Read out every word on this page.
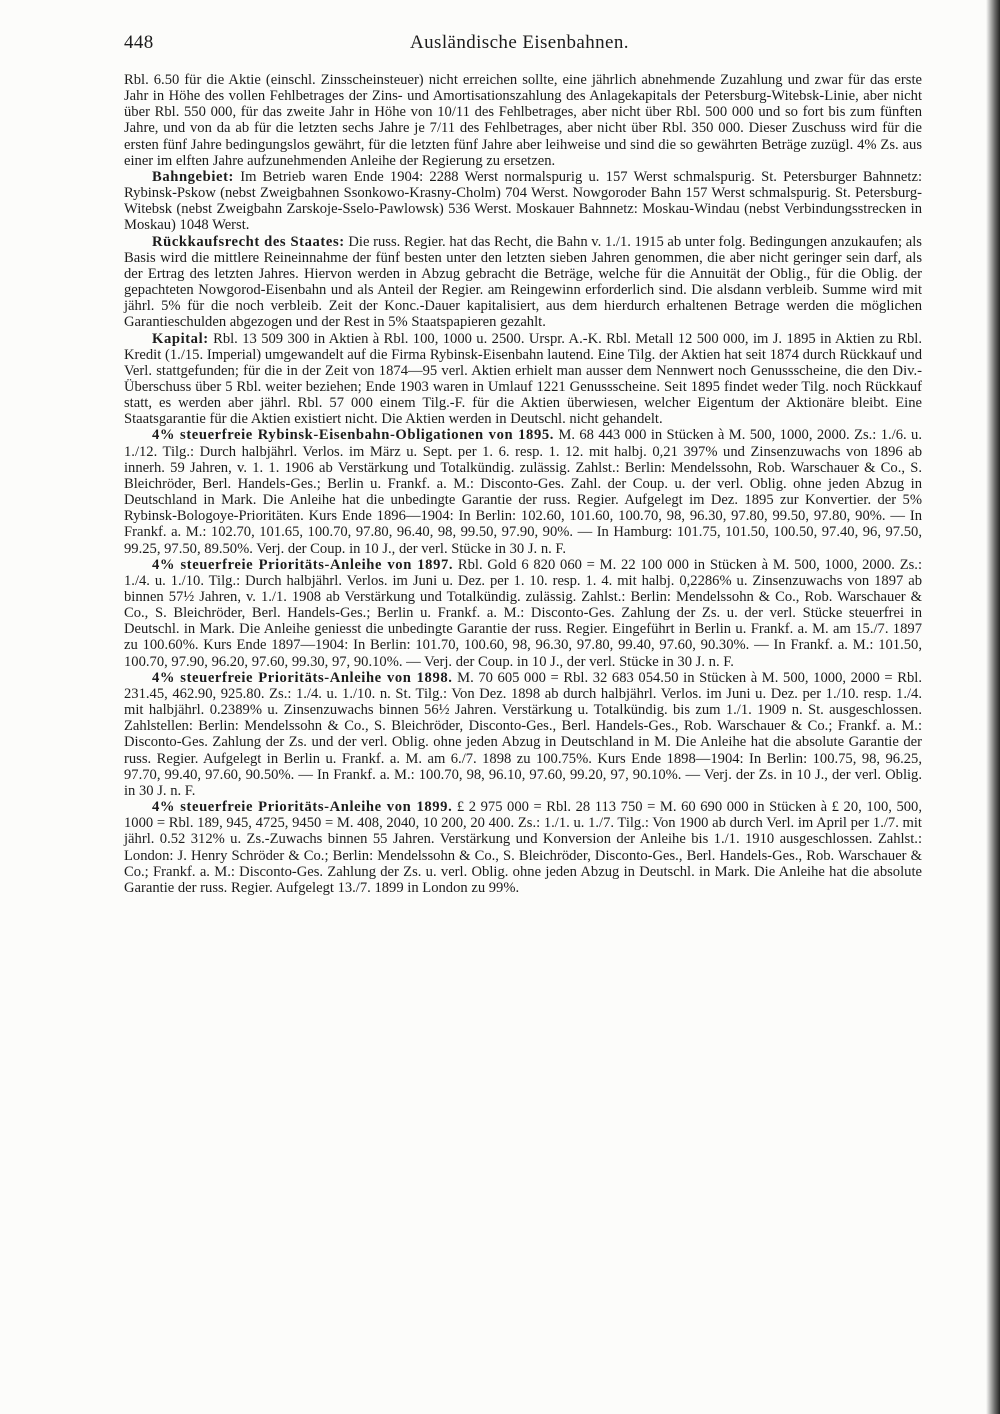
448	Ausländische Eisenbahnen.

Rbl. 6.50 für die Aktie (einschl. Zinsscheinsteuer) nicht erreichen sollte, eine jährlich abnehmende Zuzahlung und zwar für das erste Jahr in Höhe des vollen Fehlbetrages der Zins- und Amortisationszahlung des Anlagekapitals der Petersburg-Witebsk-Linie, aber nicht über Rbl. 550 000, für das zweite Jahr in Höhe von 10/11 des Fehlbetrages, aber nicht über Rbl. 500 000 und so fort bis zum fünften Jahre, und von da ab für die letzten sechs Jahre je 7/11 des Fehlbetrages, aber nicht über Rbl. 350 000. Dieser Zuschuss wird für die ersten fünf Jahre bedingungslos gewährt, für die letzten fünf Jahre aber leihweise und sind die so gewährten Beträge zuzügl. 4% Zs. aus einer im elften Jahre aufzunehmenden Anleihe der Regierung zu ersetzen.

Bahngebiet: Im Betrieb waren Ende 1904: 2288 Werst normalspurig u. 157 Werst schmalspurig. St. Petersburger Bahnnetz: Rybinsk-Pskow (nebst Zweigbahnen Ssonkowo-Krasny-Cholm) 704 Werst. Nowgoroder Bahn 157 Werst schmalspurig. St. Petersburg-Witebsk (nebst Zweigbahn Zarskoje-Sselo-Pawlowsk) 536 Werst. Moskauer Bahnnetz: Moskau-Windau (nebst Verbindungsstrecken in Moskau) 1048 Werst.

Rückkaufsrecht des Staates: Die russ. Regier. hat das Recht, die Bahn v. 1./1. 1915 ab unter folg. Bedingungen anzukaufen; als Basis wird die mittlere Reineinnahme der fünf besten unter den letzten sieben Jahren genommen, die aber nicht geringer sein darf, als der Ertrag des letzten Jahres. Hiervon werden in Abzug gebracht die Beträge, welche für die Annuität der Oblig., für die Oblig. der gepachteten Nowgorod-Eisenbahn und als Anteil der Regier. am Reingewinn erforderlich sind. Die alsdann verbleib. Summe wird mit jährl. 5% für die noch verbleib. Zeit der Konc.-Dauer kapitalisiert, aus dem hierdurch erhaltenen Betrage werden die möglichen Garantieschulden abgezogen und der Rest in 5% Staatspapieren gezahlt.

Kapital: Rbl. 13 509 300 in Aktien à Rbl. 100, 1000 u. 2500. Urspr. A.-K. Rbl. Metall 12 500 000, im J. 1895 in Aktien zu Rbl. Kredit (1./15. Imperial) umgewandelt auf die Firma Rybinsk-Eisenbahn lautend. Eine Tilg. der Aktien hat seit 1874 durch Rückkauf und Verl. stattgefunden; für die in der Zeit von 1874—95 verl. Aktien erhielt man ausser dem Nennwert noch Genussscheine, die den Div.-Überschuss über 5 Rbl. weiter beziehen; Ende 1903 waren in Umlauf 1221 Genussscheine. Seit 1895 findet weder Tilg. noch Rückkauf statt, es werden aber jährl. Rbl. 57 000 einem Tilg.-F. für die Aktien überwiesen, welcher Eigentum der Aktionäre bleibt. Eine Staatsgarantie für die Aktien existiert nicht. Die Aktien werden in Deutschl. nicht gehandelt.

4% steuerfreie Rybinsk-Eisenbahn-Obligationen von 1895. M. 68 443 000 in Stücken à M. 500, 1000, 2000. Zs.: 1./6. u. 1./12. Tilg.: Durch halbjährl. Verlos. im März u. Sept. per 1. 6. resp. 1. 12. mit halbj. 0,21 397% und Zinsenzuwachs von 1896 ab innerh. 59 Jahren, v. 1. 1. 1906 ab Verstärkung und Totalkündig. zulässig. Zahlst.: Berlin: Mendelssohn, Rob. Warschauer & Co., S. Bleichröder, Berl. Handels-Ges.; Berlin u. Frankf. a. M.: Disconto-Ges. Zahl. der Coup. u. der verl. Oblig. ohne jeden Abzug in Deutschland in Mark. Die Anleihe hat die unbedingte Garantie der russ. Regier. Aufgelegt im Dez. 1895 zur Konvertier. der 5% Rybinsk-Bologoye-Prioritäten. Kurs Ende 1896—1904: In Berlin: 102.60, 101.60, 100.70, 98, 96.30, 97.80, 99.50, 97.80, 90%. — In Frankf. a. M.: 102.70, 101.65, 100.70, 97.80, 96.40, 98, 99.50, 97.90, 90%. — In Hamburg: 101.75, 101.50, 100.50, 97.40, 96, 97.50, 99.25, 97.50, 89.50%. Verj. der Coup. in 10 J., der verl. Stücke in 30 J. n. F.

4% steuerfreie Prioritäts-Anleihe von 1897. Rbl. Gold 6 820 060 = M. 22 100 000 in Stücken à M. 500, 1000, 2000. Zs.: 1./4. u. 1./10. Tilg.: Durch halbjährl. Verlos. im Juni u. Dez. per 1. 10. resp. 1. 4. mit halbj. 0,2286% u. Zinsenzuwachs von 1897 ab binnen 57½ Jahren, v. 1./1. 1908 ab Verstärkung und Totalkündig. zulässig. Zahlst.: Berlin: Mendelssohn & Co., Rob. Warschauer & Co., S. Bleichröder, Berl. Handels-Ges.; Berlin u. Frankf. a. M.: Disconto-Ges. Zahlung der Zs. u. der verl. Stücke steuerfrei in Deutschl. in Mark. Die Anleihe geniesst die unbedingte Garantie der russ. Regier. Eingeführt in Berlin u. Frankf. a. M. am 15./7. 1897 zu 100.60%. Kurs Ende 1897—1904: In Berlin: 101.70, 100.60, 98, 96.30, 97.80, 99.40, 97.60, 90.30%. — In Frankf. a. M.: 101.50, 100.70, 97.90, 96.20, 97.60, 99.30, 97, 90.10%. — Verj. der Coup. in 10 J., der verl. Stücke in 30 J. n. F.

4% steuerfreie Prioritäts-Anleihe von 1898. M. 70 605 000 = Rbl. 32 683 054.50 in Stücken à M. 500, 1000, 2000 = Rbl. 231.45, 462.90, 925.80. Zs.: 1./4. u. 1./10. n. St. Tilg.: Von Dez. 1898 ab durch halbjährl. Verlos. im Juni u. Dez. per 1./10. resp. 1./4. mit halbjährl. 0.2389% u. Zinsenzuwachs binnen 56½ Jahren. Verstärkung u. Totalkündig. bis zum 1./1. 1909 n. St. ausgeschlossen. Zahlstellen: Berlin: Mendelssohn & Co., S. Bleichröder, Disconto-Ges., Berl. Handels-Ges., Rob. Warschauer & Co.; Frankf. a. M.: Disconto-Ges. Zahlung der Zs. und der verl. Oblig. ohne jeden Abzug in Deutschland in M. Die Anleihe hat die absolute Garantie der russ. Regier. Aufgelegt in Berlin u. Frankf. a. M. am 6./7. 1898 zu 100.75%. Kurs Ende 1898—1904: In Berlin: 100.75, 98, 96.25, 97.70, 99.40, 97.60, 90.50%. — In Frankf. a. M.: 100.70, 98, 96.10, 97.60, 99.20, 97, 90.10%. — Verj. der Zs. in 10 J., der verl. Oblig. in 30 J. n. F.

4% steuerfreie Prioritäts-Anleihe von 1899. £ 2 975 000 = Rbl. 28 113 750 = M. 60 690 000 in Stücken à £ 20, 100, 500, 1000 = Rbl. 189, 945, 4725, 9450 = M. 408, 2040, 10 200, 20 400. Zs.: 1./1. u. 1./7. Tilg.: Von 1900 ab durch Verl. im April per 1./7. mit jährl. 0.52 312% u. Zs.-Zuwachs binnen 55 Jahren. Verstärkung und Konversion der Anleihe bis 1./1. 1910 ausgeschlossen. Zahlst.: London: J. Henry Schröder & Co.; Berlin: Mendelssohn & Co., S. Bleichröder, Disconto-Ges., Berl. Handels-Ges., Rob. Warschauer & Co.; Frankf. a. M.: Disconto-Ges. Zahlung der Zs. u. verl. Oblig. ohne jeden Abzug in Deutschl. in Mark. Die Anleihe hat die absolute Garantie der russ. Regier. Aufgelegt 13./7. 1899 in London zu 99%.
